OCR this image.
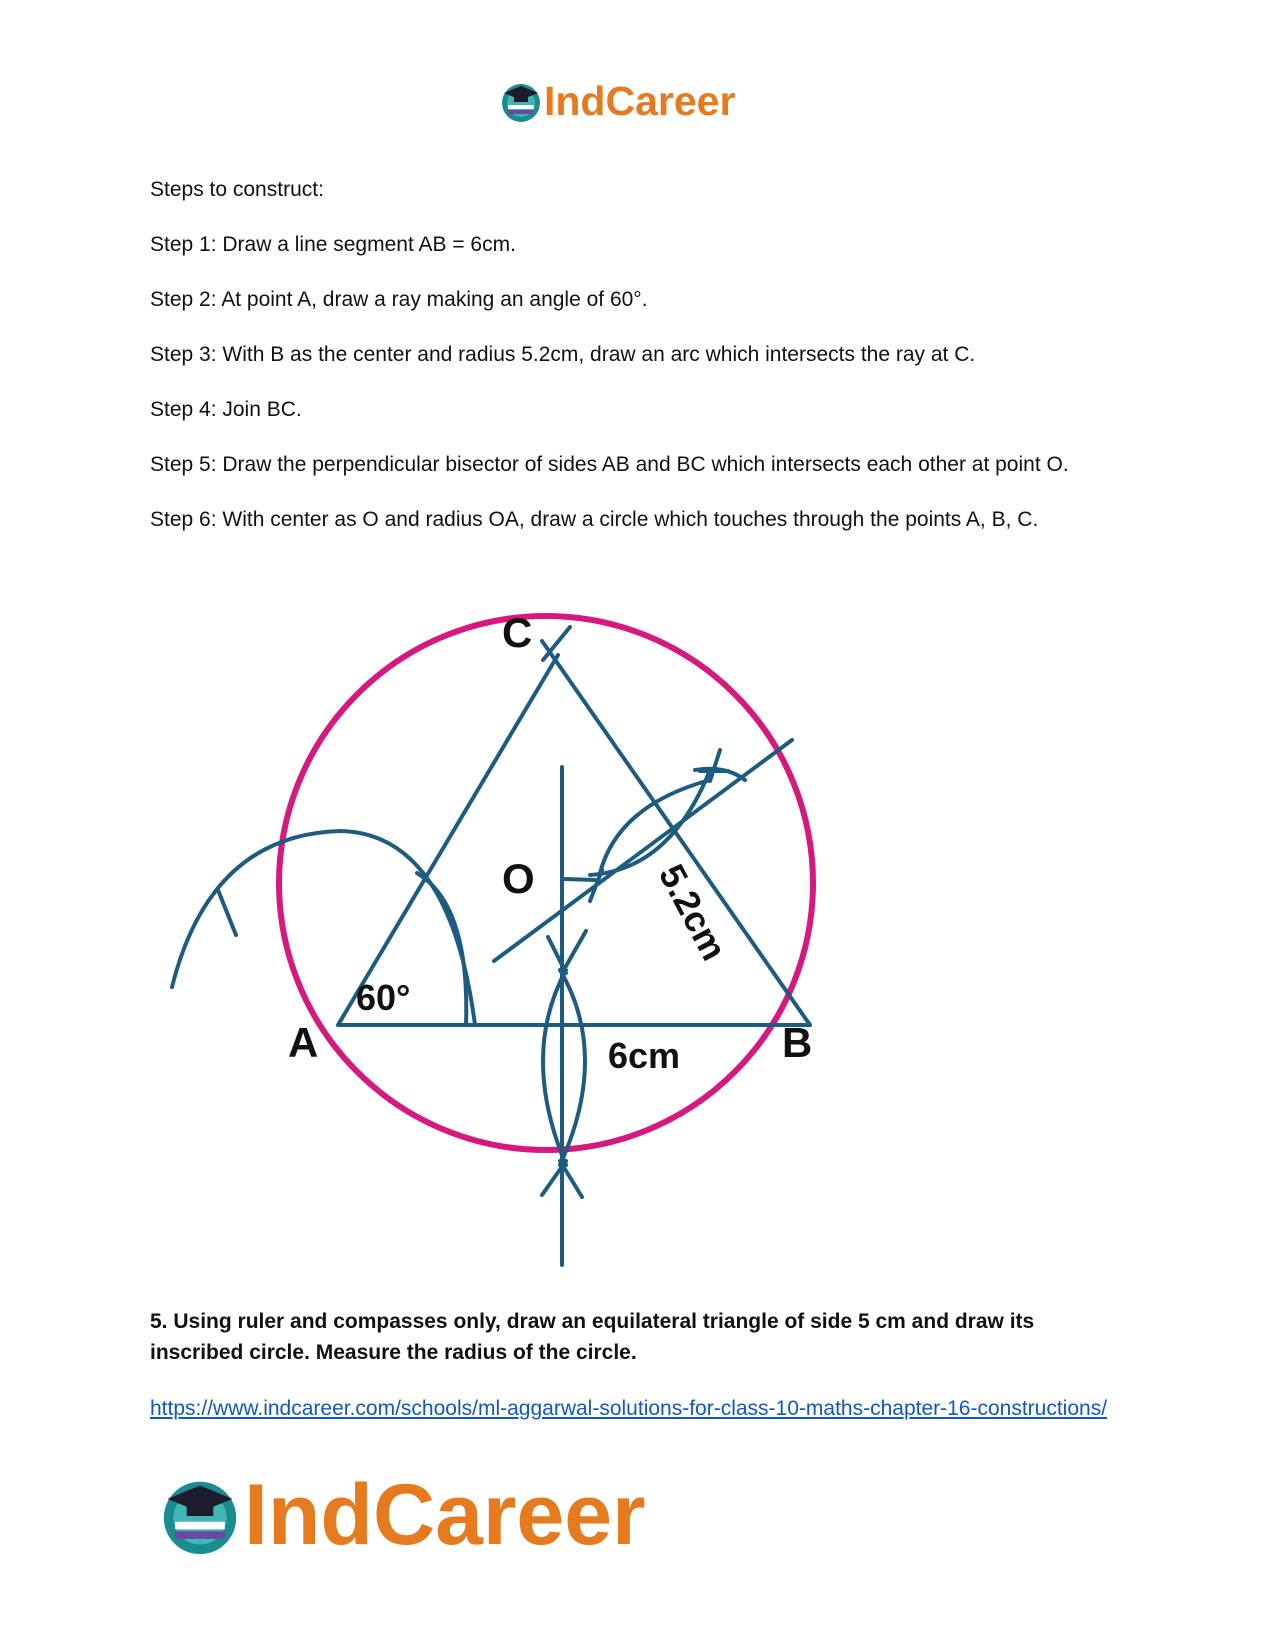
IndCareer

Steps to construct:

Step 1: Draw a line segment AB = 6cm.

Step 2: At point A, draw a ray making an angle of 60°.

Step 3: With B as the center and radius 5.2cm, draw an arc which intersects the ray at C.

Step 4: Join BC.

Step 5: Draw the perpendicular bisector of sides AB and BC which intersects each other at point O.

Step 6: With center as O and radius OA, draw a circle which touches through the points A, B, C.

C
O
A	B
60°
6cm
5.2cm
5. Using ruler and compasses only, draw an equilateral triangle of side 5 cm and draw its inscribed circle. Measure the radius of the circle.
https://www.indcareer.com/schools/ml-aggarwal-solutions-for-class-10-maths-chapter-16-constructions/
IndCareer
